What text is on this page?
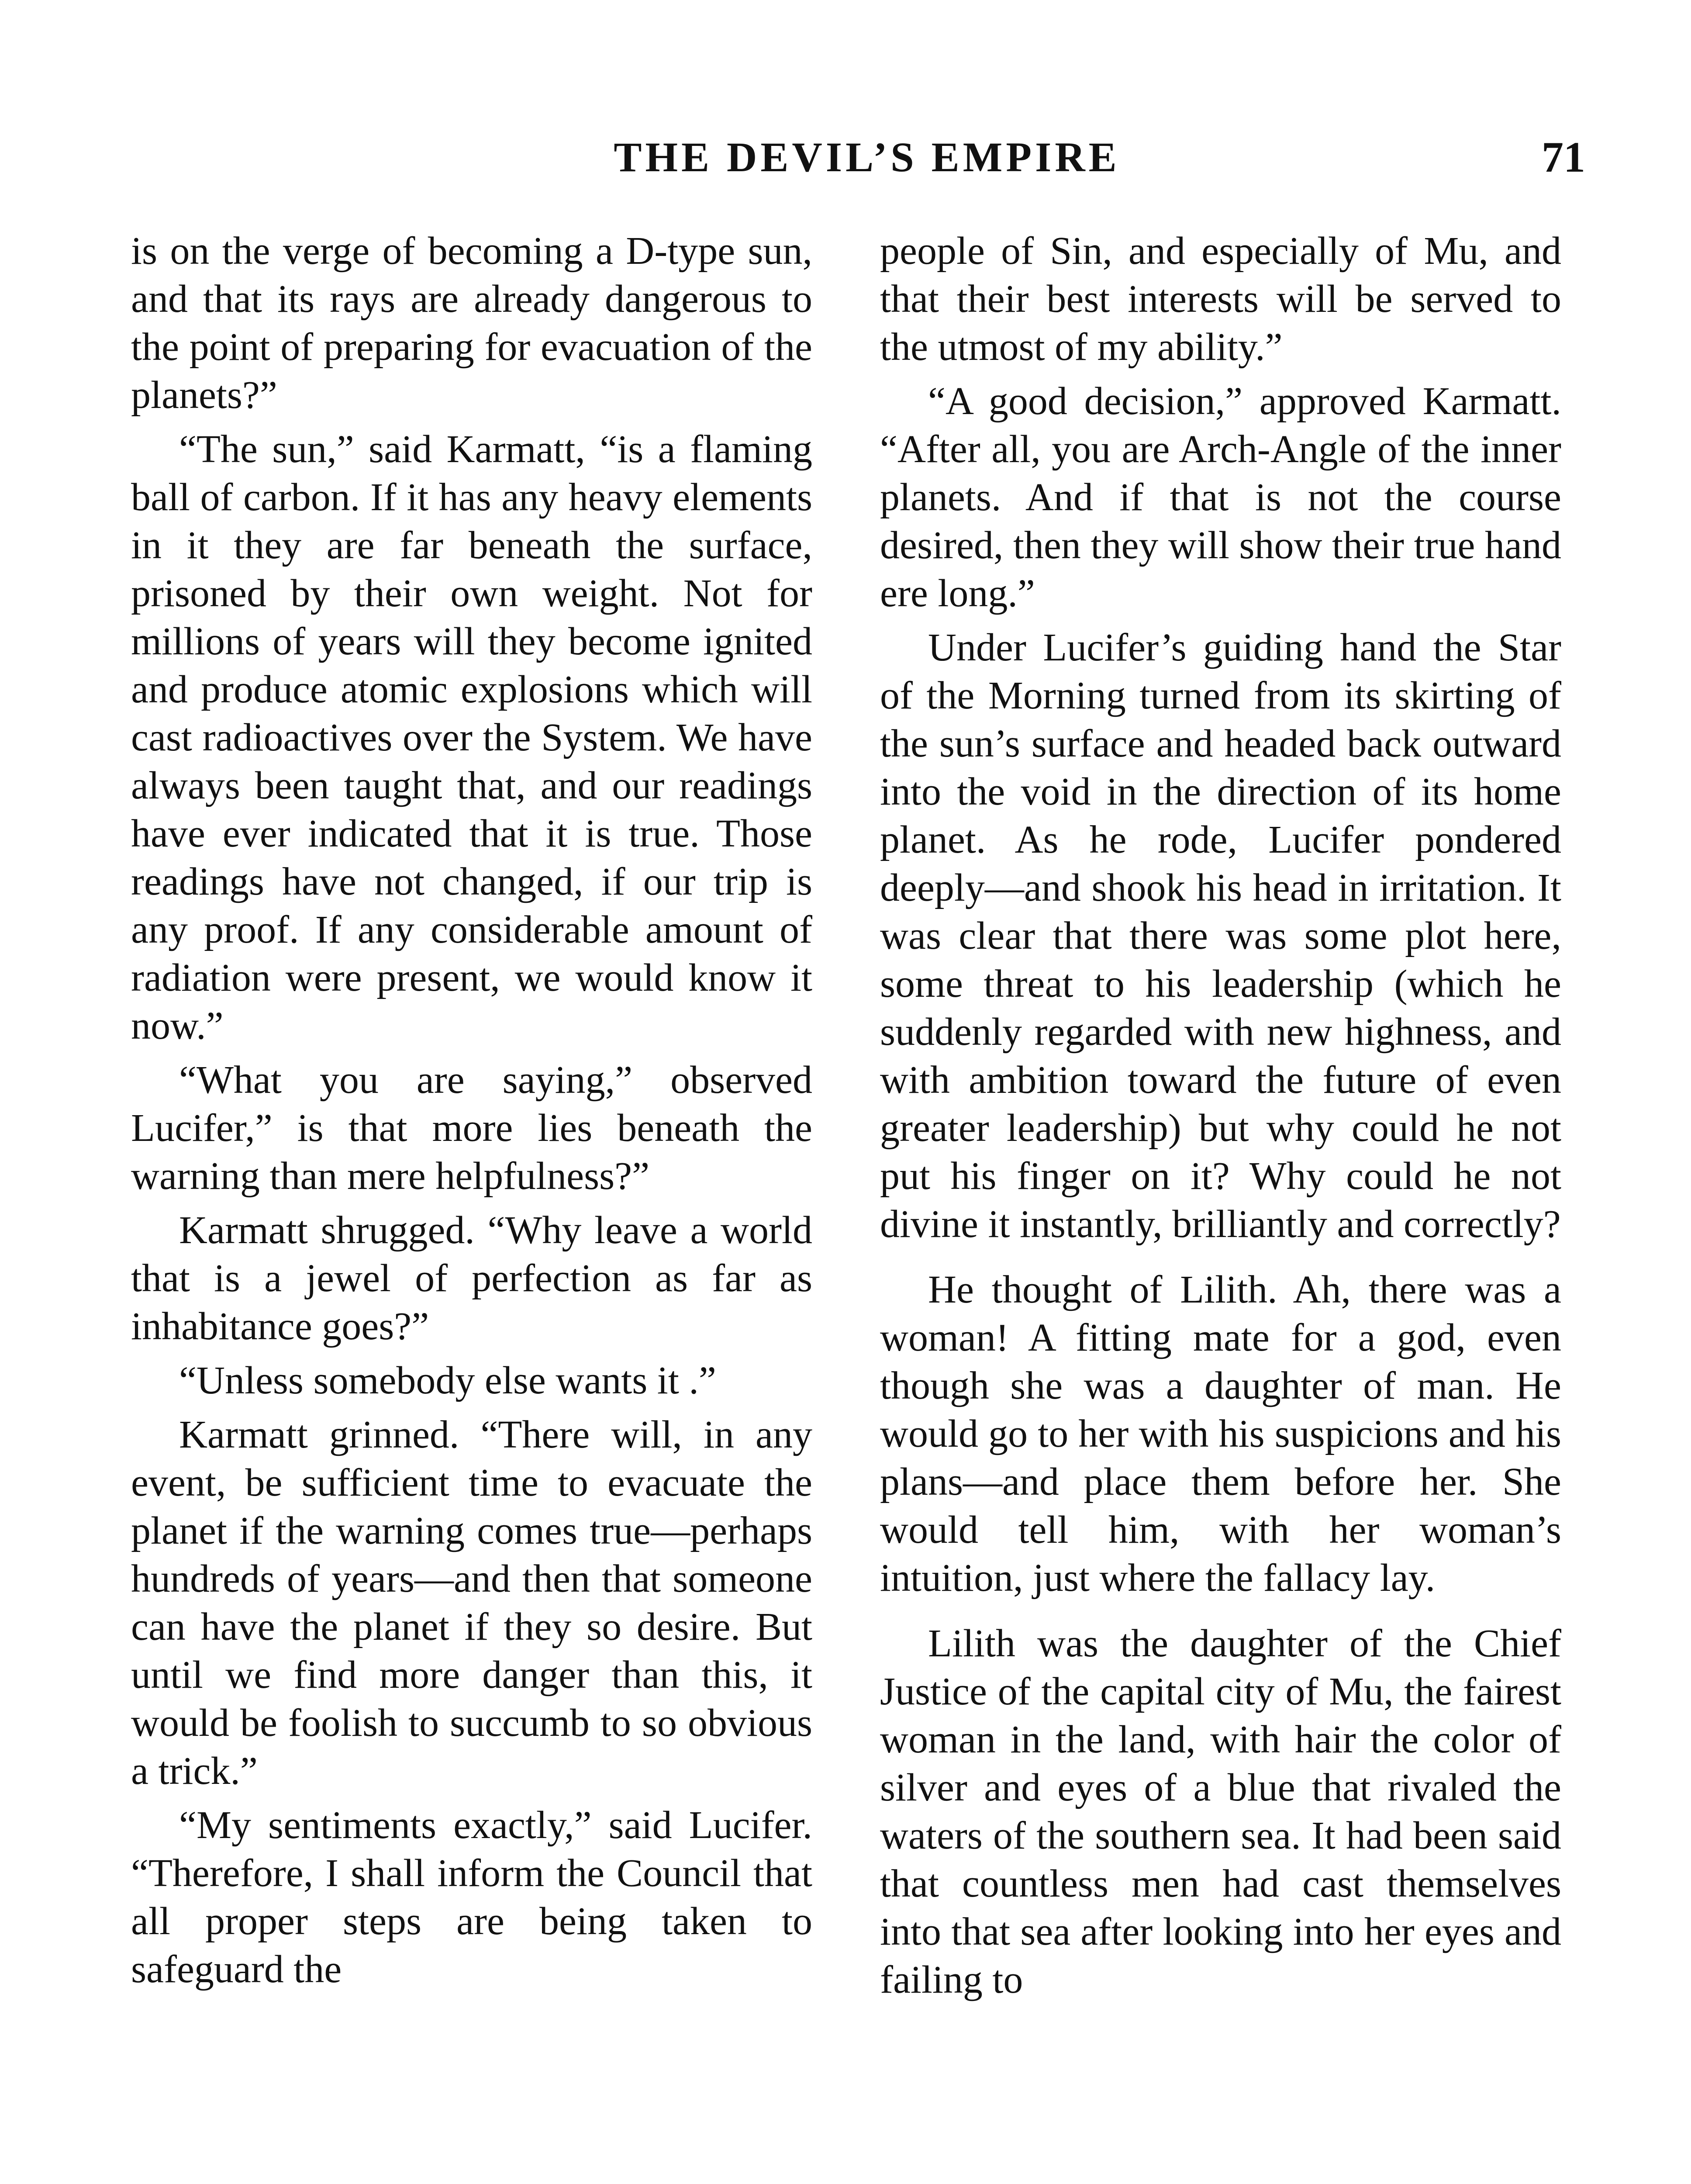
THE DEVIL’S EMPIRE	71

is on the verge of becoming a D-type sun, and that its rays are already dangerous to the point of preparing for evacuation of the planets?”

“The sun,” said Karmatt, “is a flaming ball of carbon. If it has any heavy elements in it they are far beneath the surface, prisoned by their own weight. Not for millions of years will they become ignited and produce atomic explosions which will cast radioactives over the System. We have always been taught that, and our readings have ever indicated that it is true. Those readings have not changed, if our trip is any proof. If any considerable amount of radiation were present, we would know it now.”

“What you are saying,” observed Lucifer,” is that more lies beneath the warning than mere helpfulness?”

Karmatt shrugged. “Why leave a world that is a jewel of perfection as far as inhabitance goes?”

“Unless somebody else wants it .”

Karmatt grinned. “There will, in any event, be sufficient time to evacuate the planet if the warning comes true—perhaps hundreds of years—and then that someone can have the planet if they so desire. But until we find more danger than this, it would be foolish to succumb to so obvious a trick.”

“My sentiments exactly,” said Lucifer. “Therefore, I shall inform the Council that all proper steps are being taken to safeguard the

people of Sin, and especially of Mu, and that their best interests will be served to the utmost of my ability.”

“A good decision,” approved Karmatt. “After all, you are Arch-Angle of the inner planets. And if that is not the course desired, then they will show their true hand ere long.”

Under Lucifer’s guiding hand the Star of the Morning turned from its skirting of the sun’s surface and headed back outward into the void in the direction of its home planet. As he rode, Lucifer pondered deeply—and shook his head in irritation. It was clear that there was some plot here, some threat to his leadership (which he suddenly regarded with new highness, and with ambition toward the future of even greater leadership) but why could he not put his finger on it? Why could he not divine it instantly, brilliantly and correctly?

He thought of Lilith. Ah, there was a woman! A fitting mate for a god, even though she was a daughter of man. He would go to her with his suspicions and his plans—and place them before her. She would tell him, with her woman’s intuition, just where the fallacy lay.

Lilith was the daughter of the Chief Justice of the capital city of Mu, the fairest woman in the land, with hair the color of silver and eyes of a blue that rivaled the waters of the southern sea. It had been said that countless men had cast themselves into that sea after looking into her eyes and failing to
